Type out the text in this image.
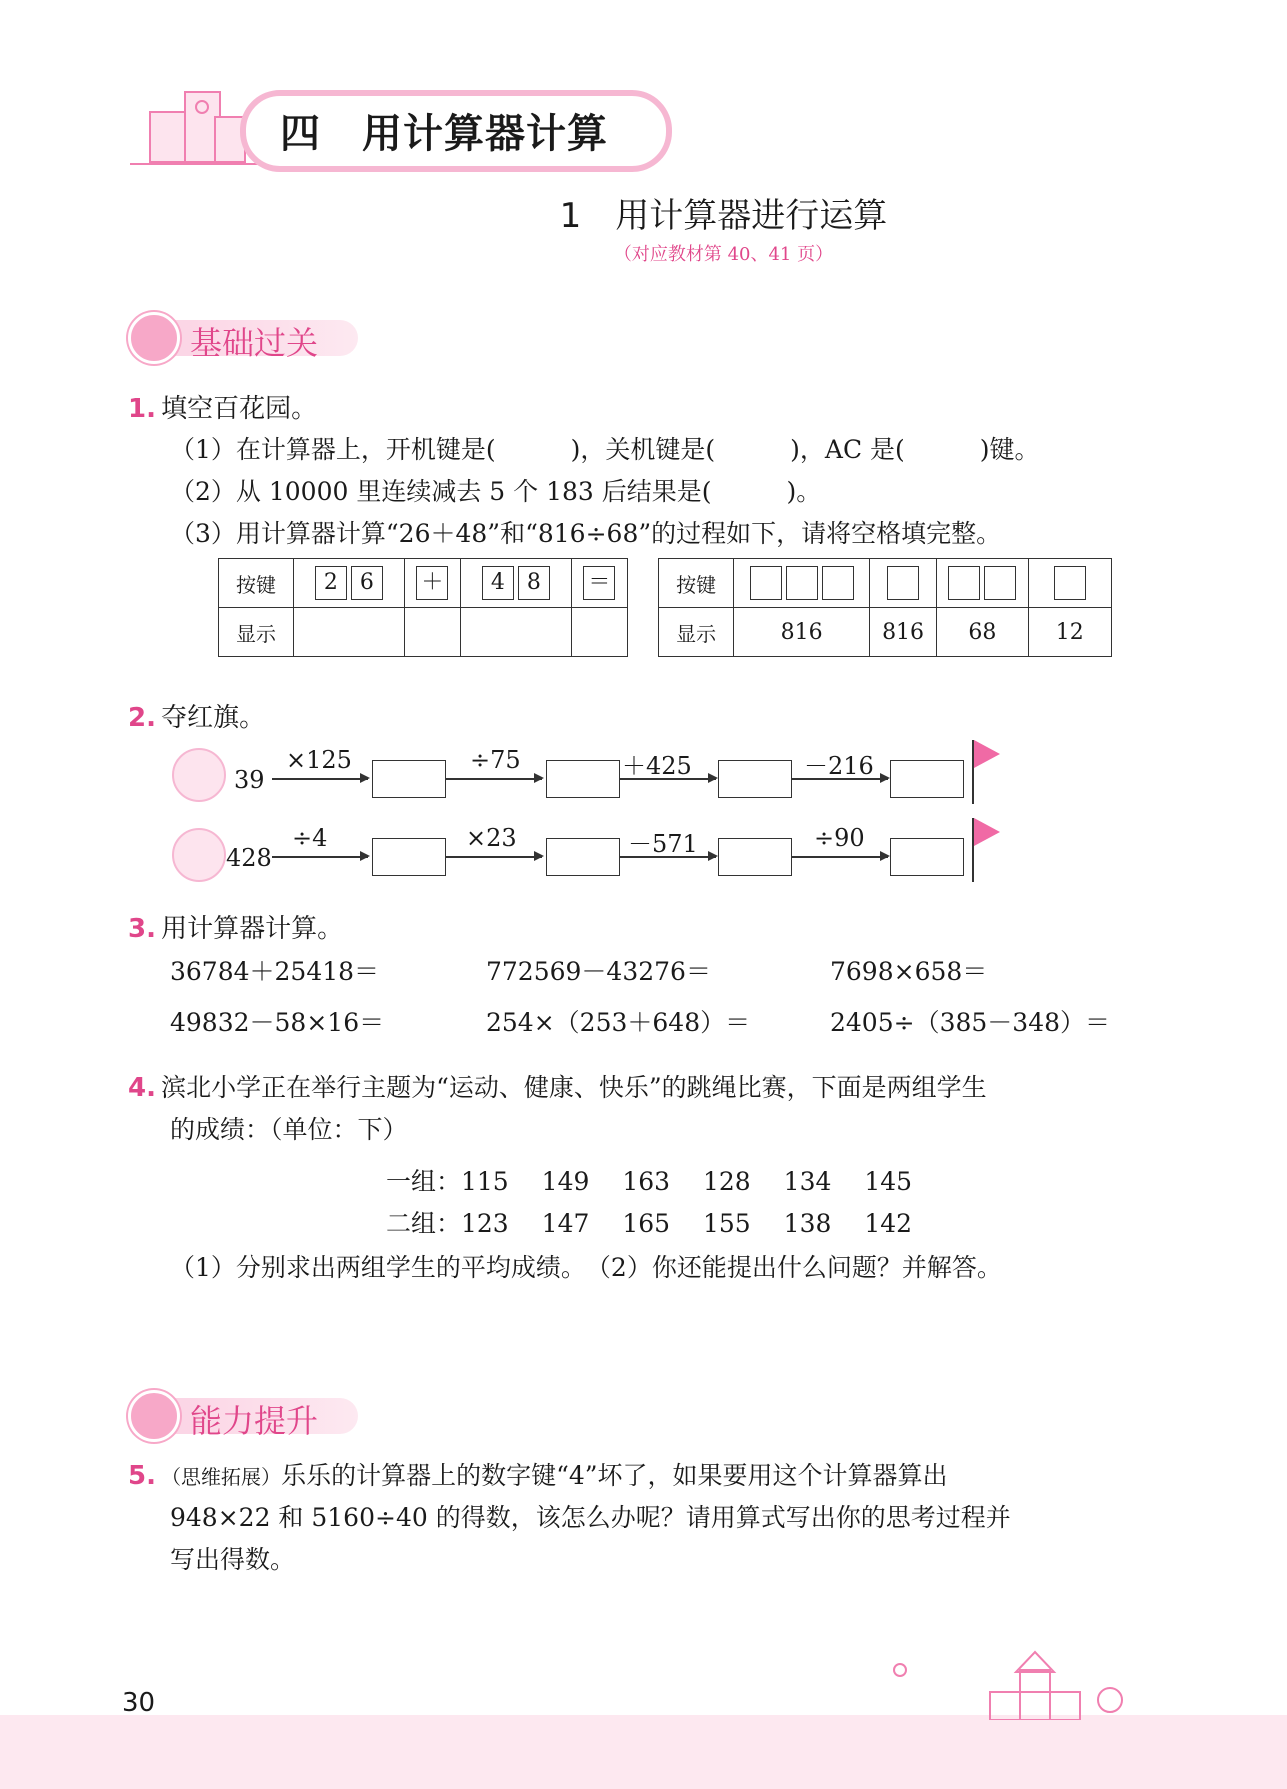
四　用计算器计算
1　用计算器进行运算
（对应教材第 40、41 页）
基础过关
1. 填空百花园。
（1）在计算器上，开机键是(　　　)，关机键是(　　　)，AC 是(　　　)键。
（2）从 10000 里连续减去 5 个 183 后结果是(　　　)。
（3）用计算器计算“26＋48”和“816÷68”的过程如下，请将空格填完整。
按键	2 6	＋	4 8	＝
显示				
按键				
显示	816	816	68	12
2. 夺红旗。
39
×125	÷75	＋425	－216
428
÷4	×23	－571	÷90
3. 用计算器计算。
36784＋25418＝	772569－43276＝	7698×658＝
49832－58×16＝	254×（253＋648）＝	2405÷（385－348）＝
4. 滨北小学正在举行主题为“运动、健康、快乐”的跳绳比赛，下面是两组学生
的成绩：（单位：下）
一组：115　 149　 163　 128　 134　 145
二组：123　 147　 165　 155　 138　 142
（1）分别求出两组学生的平均成绩。　（2）你还能提出什么问题？并解答。
能力提升
5. （思维拓展）乐乐的计算器上的数字键“4”坏了，如果要用这个计算器算出
948×22 和 5160÷40 的得数，该怎么办呢？请用算式写出你的思考过程并
写出得数。
30
